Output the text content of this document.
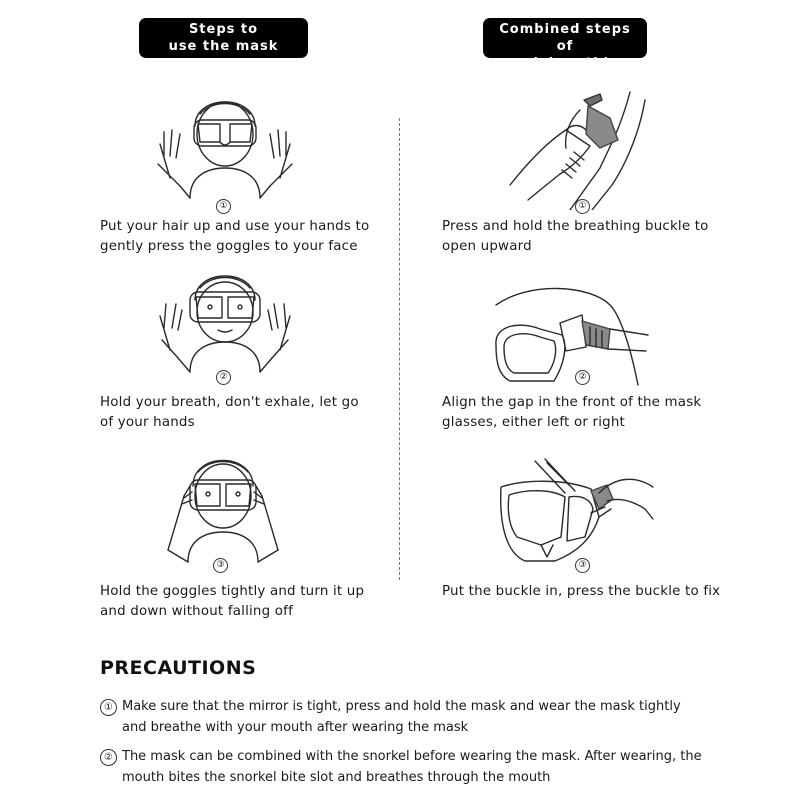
Steps to
use the mask
Combined steps of
mask breathing tube
①
②
③
Put your hair up and use your hands to
gently press the goggles to your face
Hold your breath, don't exhale, let go
of your hands
Hold the goggles tightly and turn it up
and down without falling off
①
②
③
Press and hold the breathing buckle to
open upward
Align the gap in the front of the mask
glasses, either left or right
Put the buckle in, press the buckle to fix
PRECAUTIONS
① Make sure that the mirror is tight, press and hold the mask and wear the mask tightly
and breathe with your mouth after wearing the mask
② The mask can be combined with the snorkel before wearing the mask. After wearing, the
mouth bites the snorkel bite slot and breathes through the mouth
